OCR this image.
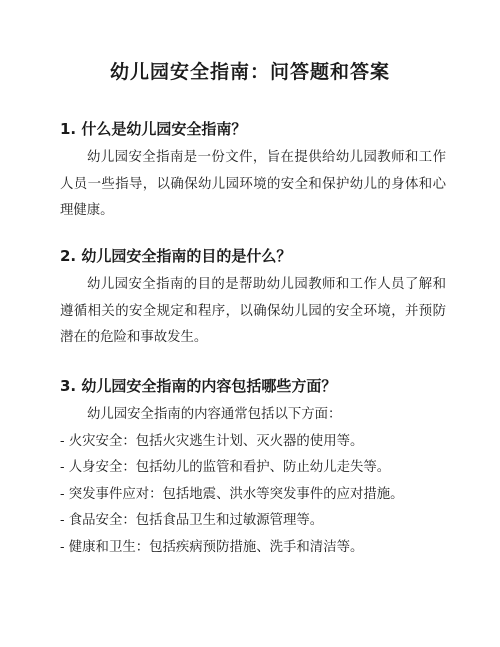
幼儿园安全指南：问答题和答案

1. 什么是幼儿园安全指南？

幼儿园安全指南是一份文件，旨在提供给幼儿园教师和工作人员一些指导，以确保幼儿园环境的安全和保护幼儿的身体和心理健康。

2. 幼儿园安全指南的目的是什么？

幼儿园安全指南的目的是帮助幼儿园教师和工作人员了解和遵循相关的安全规定和程序，以确保幼儿园的安全环境，并预防潜在的危险和事故发生。

3. 幼儿园安全指南的内容包括哪些方面？

幼儿园安全指南的内容通常包括以下方面：

- 火灾安全：包括火灾逃生计划、灭火器的使用等。
- 人身安全：包括幼儿的监管和看护、防止幼儿走失等。
- 突发事件应对：包括地震、洪水等突发事件的应对措施。
- 食品安全：包括食品卫生和过敏源管理等。
- 健康和卫生：包括疾病预防措施、洗手和清洁等。
